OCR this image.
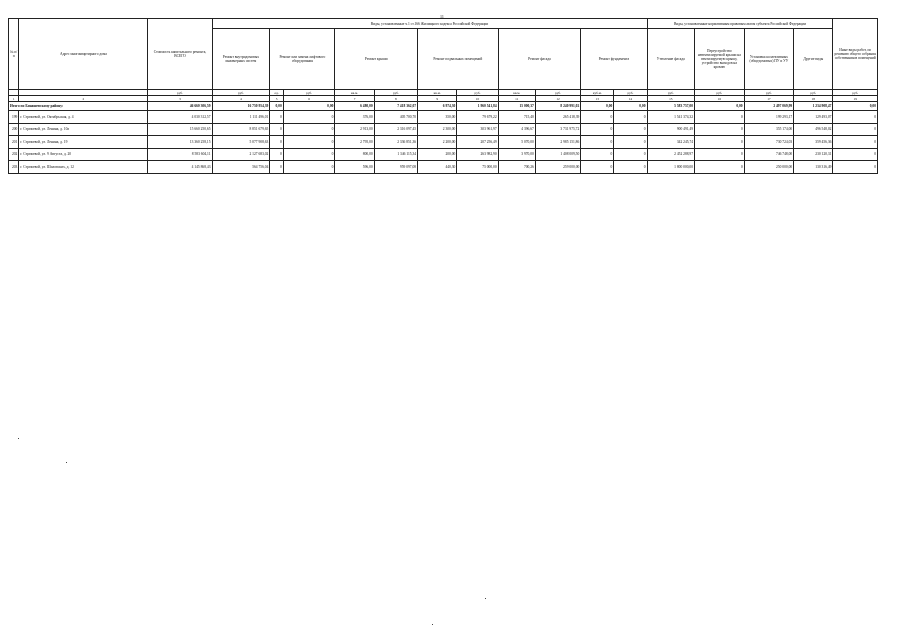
11
№ п/п	Адрес многоквартирного дома	Стоимость капитального ремонта, ВСЕГО	Виды, установленные ч.1 ст.166 Жилищного кодекса Российской Федерации											Виды, установленные нормативным правовым актом субъекта Российской Федерации				Иные виды работ, по решению общего собрания собственников помещений
			Ремонт внутридомовых инженерных систем	Ремонт или замена лифтового оборудования		Ремонт крыши		Ремонт подвальных помещений		Ремонт фасада		Ремонт фундамента		Утепление фасада	Переустройство невентилируемой крыши на вентилируемую крышу, устройство выходов на кровлю	Установка коллективных (общедомовых) ПУ и УУ	Другие виды	
		руб.	руб.	ед.	руб.	кв.м.	руб.	кв.м.	руб.	кв.м.	руб.	куб.м.	руб.	руб.	руб.	руб.	руб.	руб.
1	2	3	4	5	6	7	8	9	10	11	12	13	14	15	16	17	18	19
Итого по Бонашевскому району:		46 660 306,59	16 750 954,39	0,00	0,00	6 480,00	7 418 362,07	6 974,30	1 960 541,84	15 000,37	8 240 991,02	0,00	0,00	5 583 757,00	0,00	2 497 069,99	1 234 908,47	0,00
199	г. Стрежевой, ул. Октябрьская, д. 4	4 030 312,57	1 111 496,01	0	0	376,00	405 700,70	350,00	79 679,22	715,40	265 418,39	0	0	1 541 374,32	0	199 293,17	129 493,07	0
200	г. Стрежевой, ул. Ленина, д. 10а	15 660 250,65	8 851 679,65	0	0	2 913,00	2 316 097,45	2 300,00	303 961,97	4 396,67	3 731 975,72	0	0	900 491,49	0	355 174,00	496 548,02	0
201	г. Стрежевой, ул. Ленина, д. 19	13 360 258,15	5 077 908,63	0	0	2 795,00	2 336 851,36	2 200,00	207 256,49	5 070,00	2 985 151,86	0	0	342 245,74	0	730 724,03	359 456,36	0
202	г. Стрежевой, ул. 9 Августа, д. 20	8 583 604,11	2 127 683,02	0	0	800,00	1 346 115,34	200,00	263 982,90	3 970,00	1 408 009,50	0	0	2 452 288,97	0	746 748,00	230 120,31	0
203	г. Стрежевой, ул. Шиловских, д. 12	4 145 868,43	564 756,04	0	0	596,00	959 097,08	440,30	75 000,00	700,26	259 000,00	0	0	1 800 000,00	0	250 000,00	130 316,49	0
